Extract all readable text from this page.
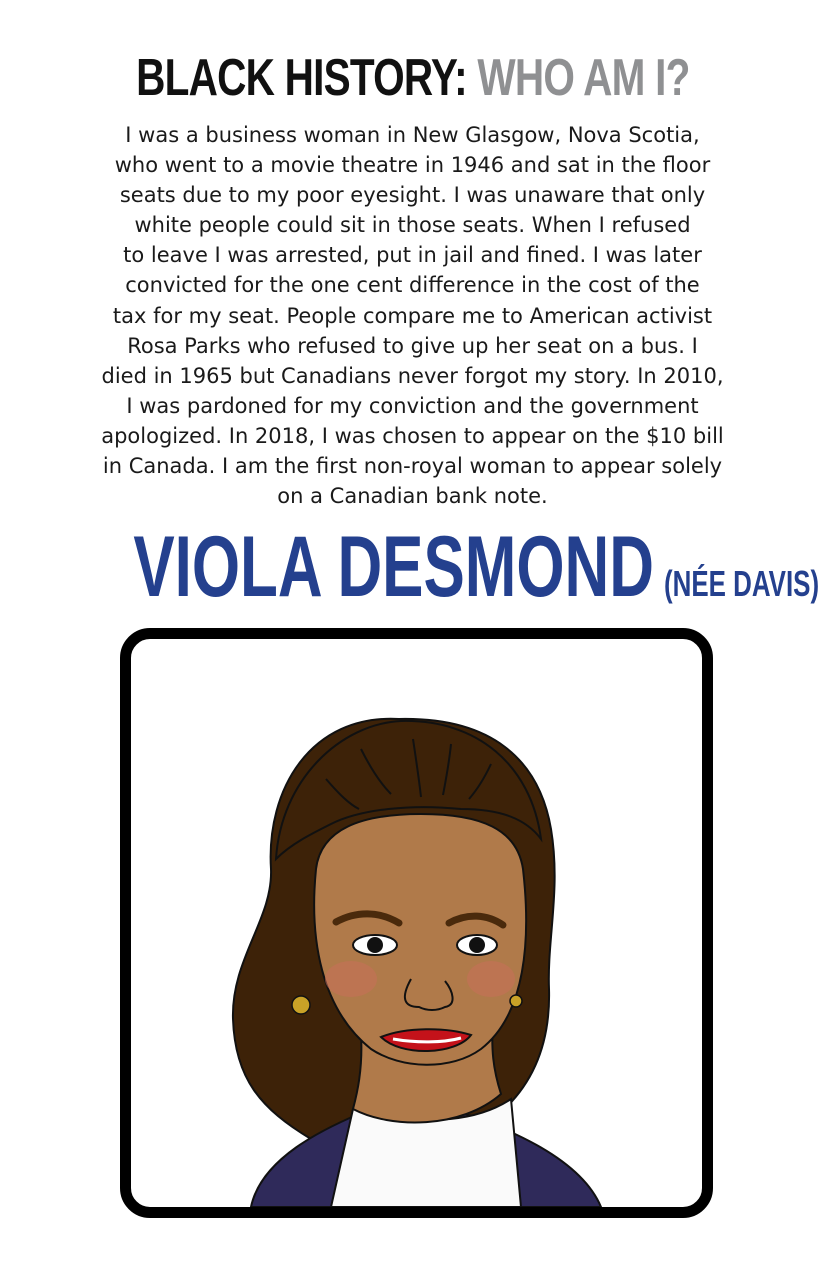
BLACK HISTORY: WHO AM I?
I was a business woman in New Glasgow, Nova Scotia,
who went to a movie theatre in 1946 and sat in the floor
seats due to my poor eyesight. I was unaware that only
white people could sit in those seats. When I refused
to leave I was arrested, put in jail and fined. I was later
convicted for the one cent difference in the cost of the
tax for my seat. People compare me to American activist
Rosa Parks who refused to give up her seat on a bus. I
died in 1965 but Canadians never forgot my story. In 2010,
I was pardoned for my conviction and the government
apologized. In 2018, I was chosen to appear on the $10 bill
in Canada. I am the first non-royal woman to appear solely
on a Canadian bank note.
VIOLA DESMOND (NÉE DAVIS)
